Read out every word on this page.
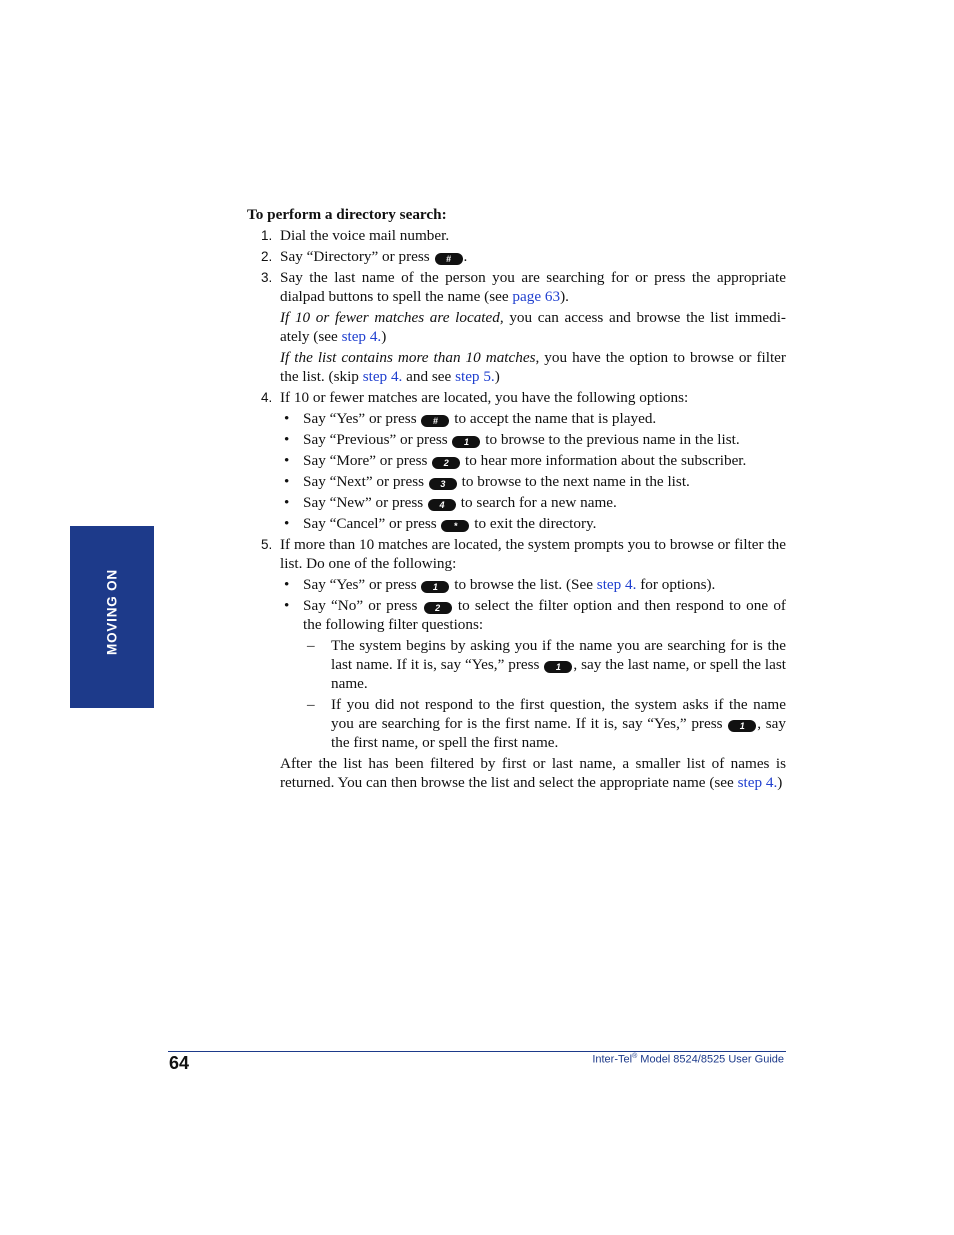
MOVING ON
To perform a directory search:
1. Dial the voice mail number.
2. Say “Directory” or press # .
3. Say the last name of the person you are searching for or press the appropriate dialpad buttons to spell the name (see page 63).
If 10 or fewer matches are located, you can access and browse the list immedi-ately (see step 4.)
If the list contains more than 10 matches, you have the option to browse or filter the list. (skip step 4. and see step 5.)
4. If 10 or fewer matches are located, you have the following options:
• Say “Yes” or press # to accept the name that is played.
• Say “Previous” or press 1 to browse to the previous name in the list.
• Say “More” or press 2 to hear more information about the subscriber.
• Say “Next” or press 3 to browse to the next name in the list.
• Say “New” or press 4 to search for a new name.
• Say “Cancel” or press * to exit the directory.
5. If more than 10 matches are located, the system prompts you to browse or filter the list. Do one of the following:
• Say “Yes” or press 1 to browse the list. (See step 4. for options).
• Say “No” or press 2 to select the filter option and then respond to one of the following filter questions:
– The system begins by asking you if the name you are searching for is the last name. If it is, say “Yes,” press 1 , say the last name, or spell the last name.
– If you did not respond to the first question, the system asks if the name you are searching for is the first name. If it is, say “Yes,” press 1 , say the first name, or spell the first name.
After the list has been filtered by first or last name, a smaller list of names is returned. You can then browse the list and select the appropriate name (see step 4.)
64	Inter-Tel® Model 8524/8525 User Guide
